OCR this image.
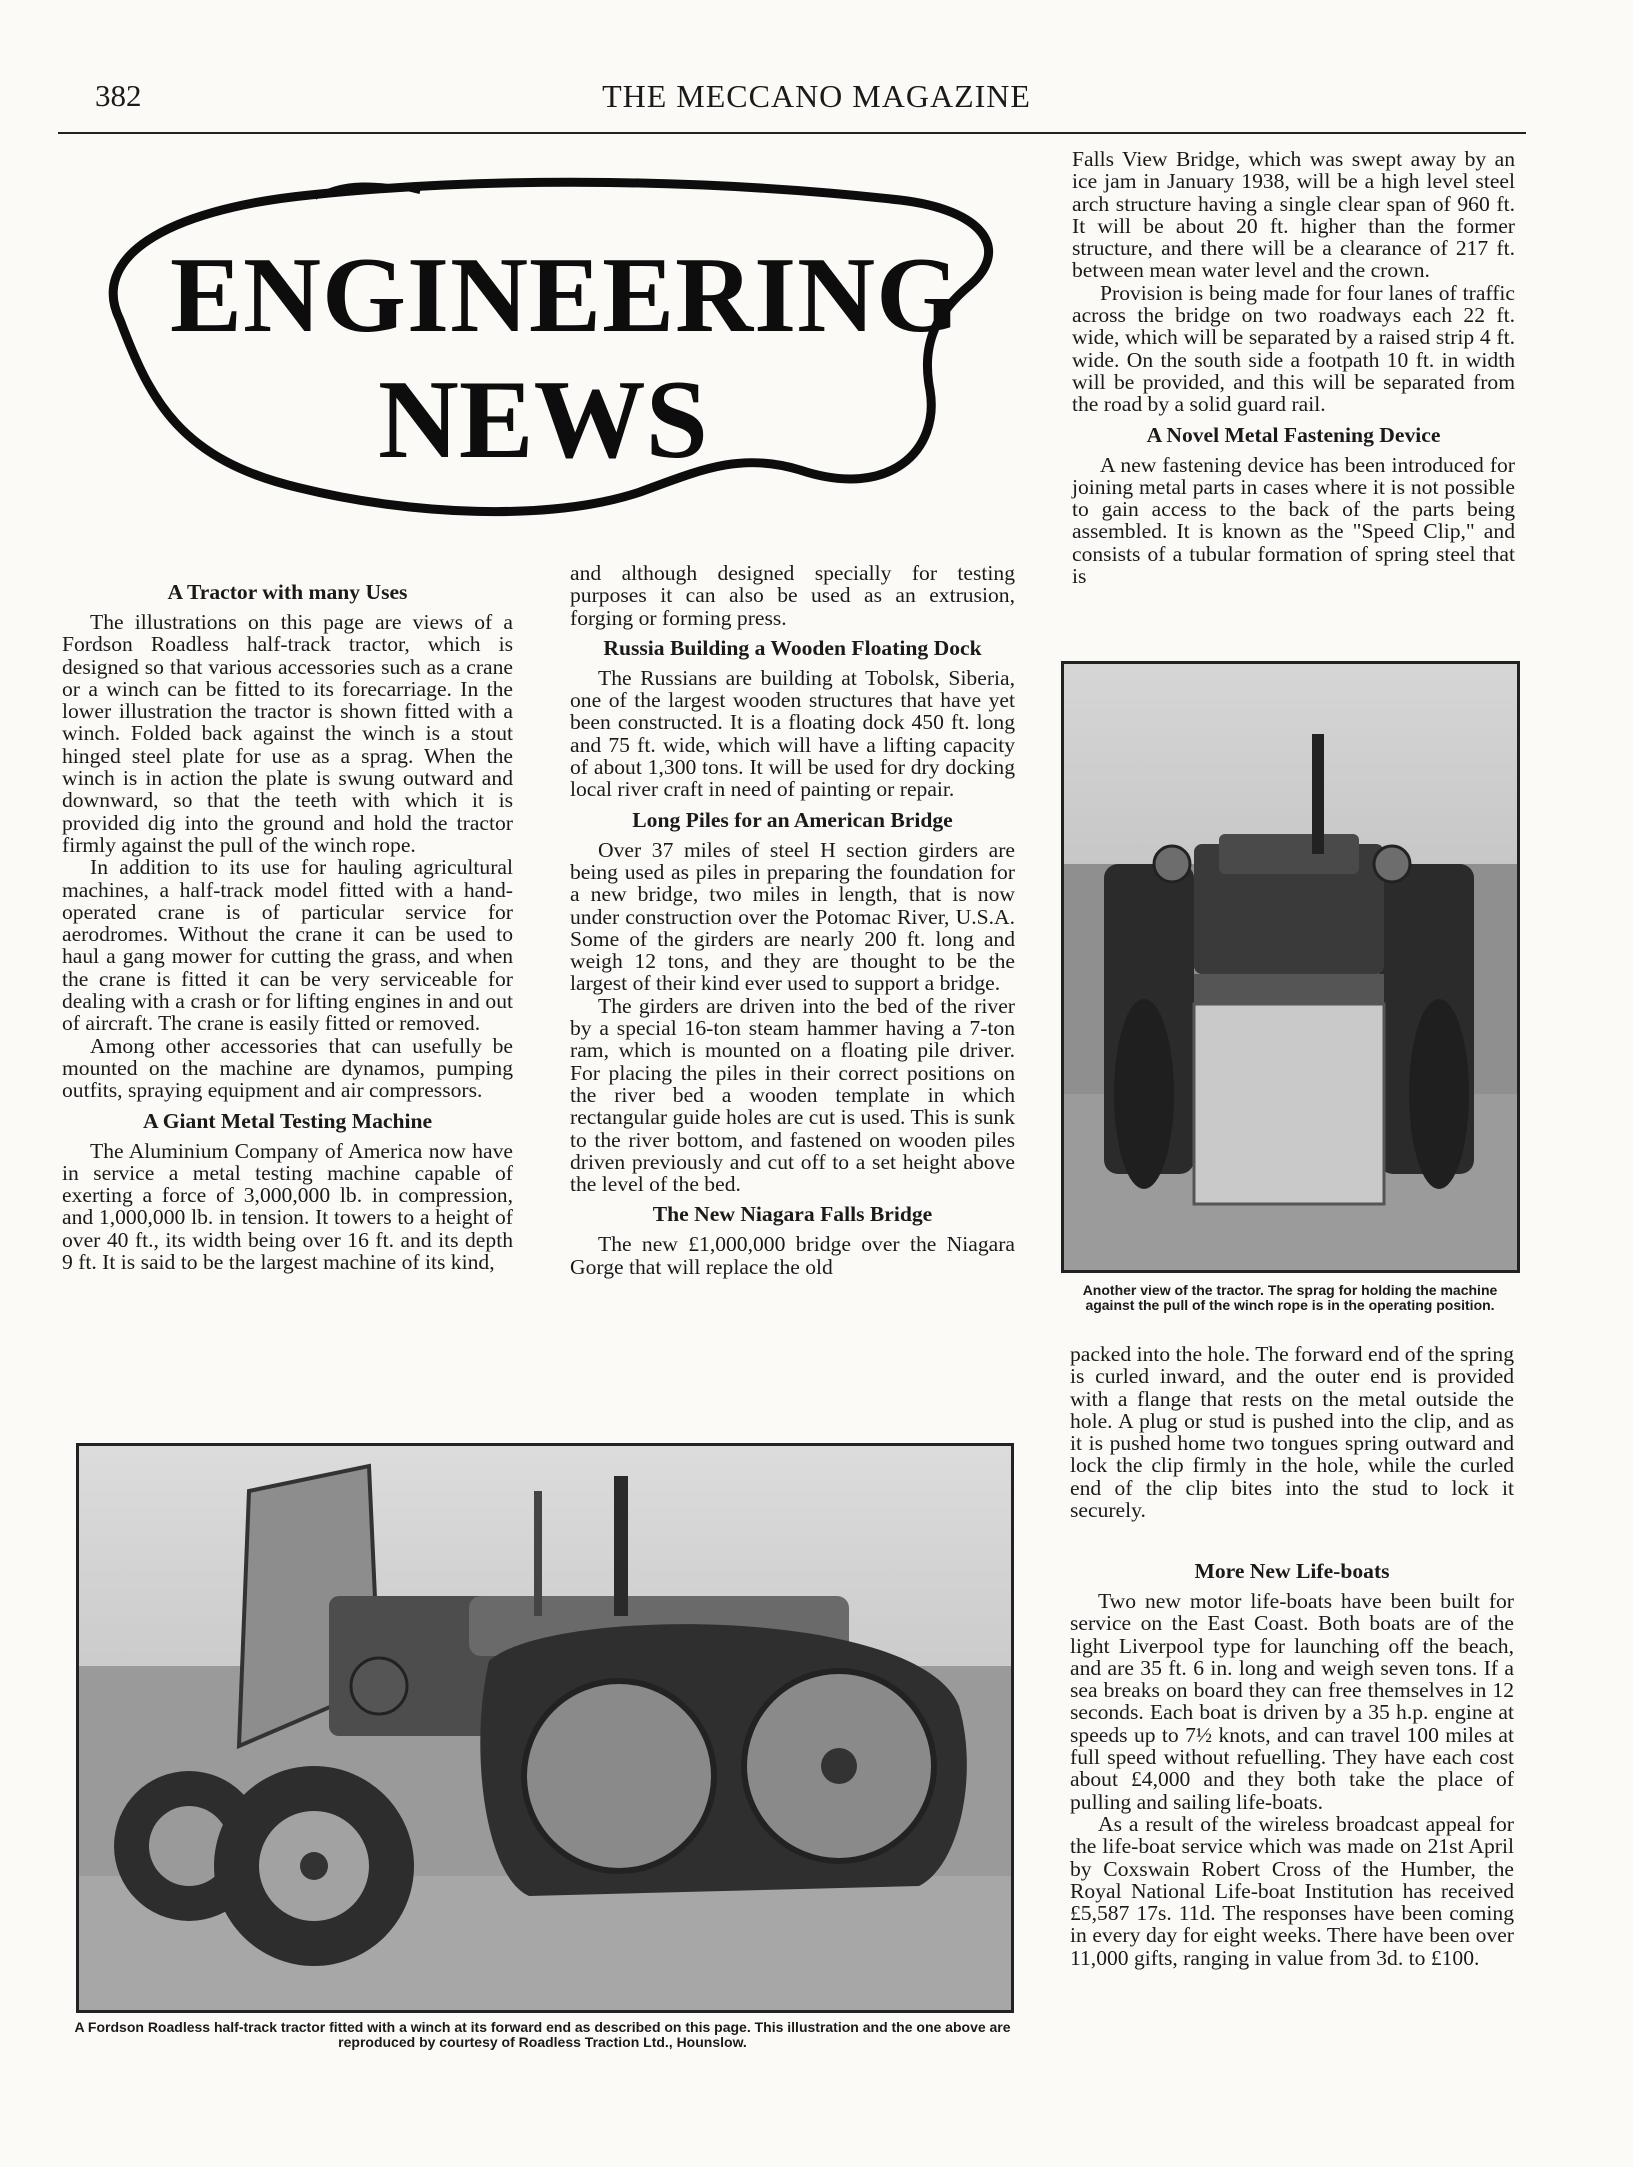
382	THE MECCANO MAGAZINE
ENGINEERING
NEWS
A Tractor with many Uses

The illustrations on this page are views of a Fordson Roadless half-track tractor, which is designed so that various accessories such as a crane or a winch can be fitted to its forecarriage. In the lower illustration the tractor is shown fitted with a winch. Folded back against the winch is a stout hinged steel plate for use as a sprag. When the winch is in action the plate is swung outward and downward, so that the teeth with which it is provided dig into the ground and hold the tractor firmly against the pull of the winch rope.

In addition to its use for hauling agricultural machines, a half-track model fitted with a hand-operated crane is of particular service for aerodromes. Without the crane it can be used to haul a gang mower for cutting the grass, and when the crane is fitted it can be very serviceable for dealing with a crash or for lifting engines in and out of aircraft. The crane is easily fitted or removed.

Among other accessories that can usefully be mounted on the machine are dynamos, pumping outfits, spraying equipment and air compressors.

A Giant Metal Testing Machine

The Aluminium Company of America now have in service a metal testing machine capable of exerting a force of 3,000,000 lb. in compression, and 1,000,000 lb. in tension. It towers to a height of over 40 ft., its width being over 16 ft. and its depth 9 ft. It is said to be the largest machine of its kind,

and although designed specially for testing purposes it can also be used as an extrusion, forging or forming press.

Russia Building a Wooden Floating Dock

The Russians are building at Tobolsk, Siberia, one of the largest wooden structures that have yet been constructed. It is a floating dock 450 ft. long and 75 ft. wide, which will have a lifting capacity of about 1,300 tons. It will be used for dry docking local river craft in need of painting or repair.

Long Piles for an American Bridge

Over 37 miles of steel H section girders are being used as piles in preparing the foundation for a new bridge, two miles in length, that is now under construction over the Potomac River, U.S.A. Some of the girders are nearly 200 ft. long and weigh 12 tons, and they are thought to be the largest of their kind ever used to support a bridge.

The girders are driven into the bed of the river by a special 16-ton steam hammer having a 7-ton ram, which is mounted on a floating pile driver. For placing the piles in their correct positions on the river bed a wooden template in which rectangular guide holes are cut is used. This is sunk to the river bottom, and fastened on wooden piles driven previously and cut off to a set height above the level of the bed.

The New Niagara Falls Bridge

The new £1,000,000 bridge over the Niagara Gorge that will replace the old

Falls View Bridge, which was swept away by an ice jam in January 1938, will be a high level steel arch structure having a single clear span of 960 ft. It will be about 20 ft. higher than the former structure, and there will be a clearance of 217 ft. between mean water level and the crown.

Provision is being made for four lanes of traffic across the bridge on two roadways each 22 ft. wide, which will be separated by a raised strip 4 ft. wide. On the south side a footpath 10 ft. in width will be provided, and this will be separated from the road by a solid guard rail.

A Novel Metal Fastening Device

A new fastening device has been introduced for joining metal parts in cases where it is not possible to gain access to the back of the parts being assembled. It is known as the "Speed Clip," and consists of a tubular formation of spring steel that is

Another view of the tractor. The sprag for holding the machine against the pull of the winch rope is in the operating position.

packed into the hole. The forward end of the spring is curled inward, and the outer end is provided with a flange that rests on the metal outside the hole. A plug or stud is pushed into the clip, and as it is pushed home two tongues spring outward and lock the clip firmly in the hole, while the curled end of the clip bites into the stud to lock it securely.

More New Life-boats

Two new motor life-boats have been built for service on the East Coast. Both boats are of the light Liverpool type for launching off the beach, and are 35 ft. 6 in. long and weigh seven tons. If a sea breaks on board they can free themselves in 12 seconds. Each boat is driven by a 35 h.p. engine at speeds up to 7½ knots, and can travel 100 miles at full speed without refuelling. They have each cost about £4,000 and they both take the place of pulling and sailing life-boats.

As a result of the wireless broadcast appeal for the life-boat service which was made on 21st April by Coxswain Robert Cross of the Humber, the Royal National Life-boat Institution has received £5,587 17s. 11d. The responses have been coming in every day for eight weeks. There have been over 11,000 gifts, ranging in value from 3d. to £100.

A Fordson Roadless half-track tractor fitted with a winch at its forward end as described on this page. This illustration and the one above are reproduced by courtesy of Roadless Traction Ltd., Hounslow.
